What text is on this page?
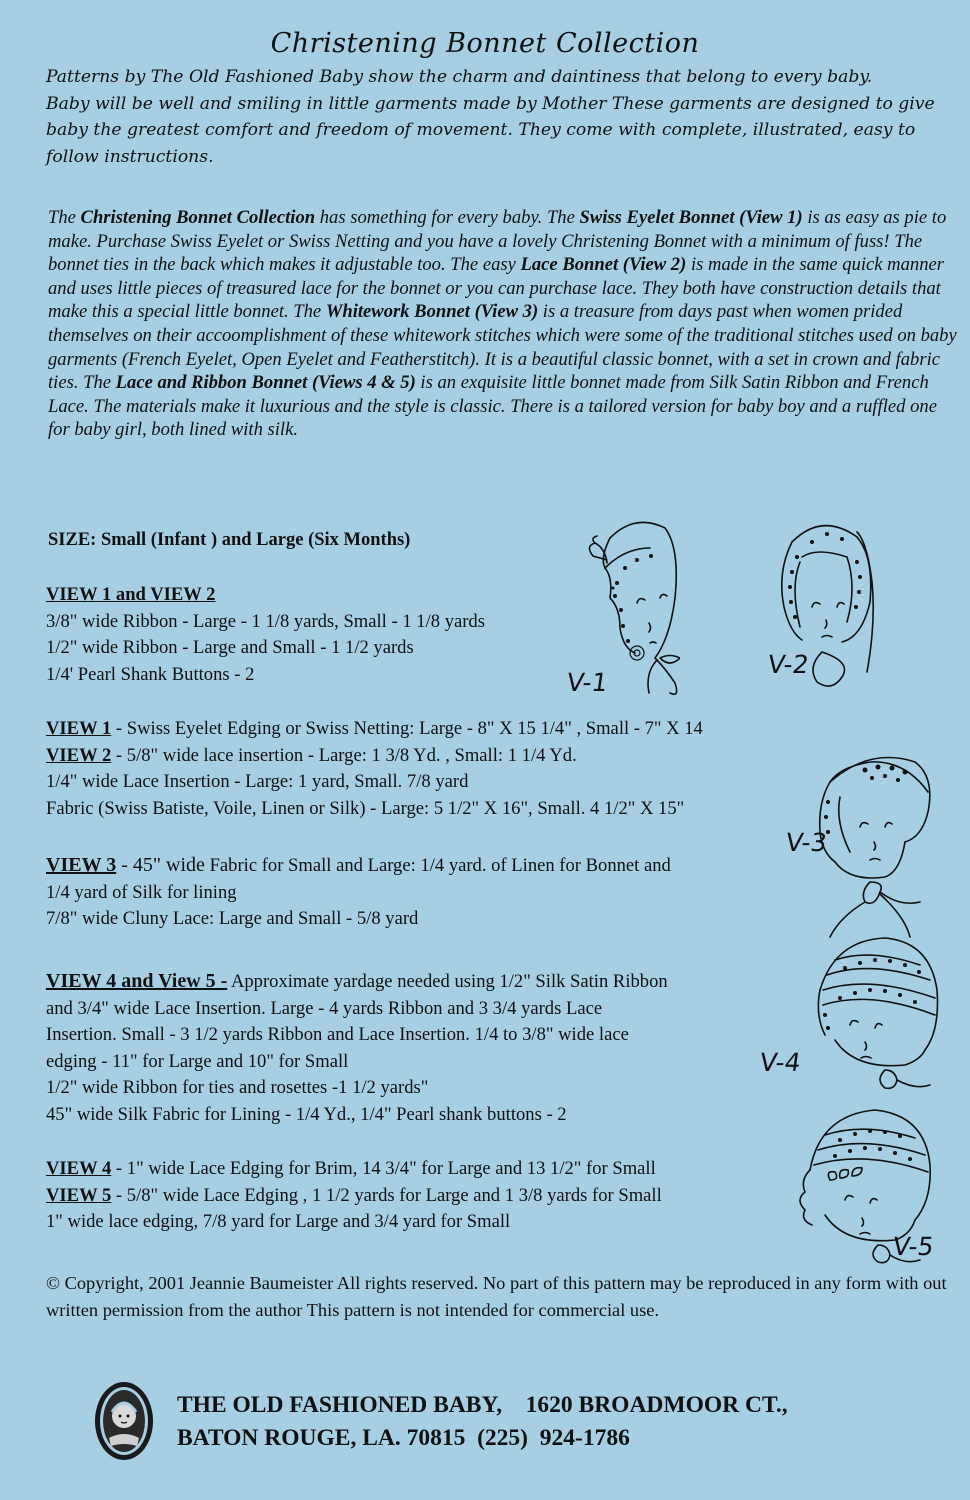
Christening Bonnet Collection
Patterns by The Old Fashioned Baby show the charm and daintiness that belong to every baby.
Baby will be well and smiling in little garments made by Mother These garments are designed to give
baby the greatest comfort and freedom of movement. They come with complete, illustrated, easy to
follow instructions.
The Christening Bonnet Collection has something for every baby. The Swiss Eyelet Bonnet (View 1) is as easy as pie to make. Purchase Swiss Eyelet or Swiss Netting and you have a lovely Christening Bonnet with a minimum of fuss! The bonnet ties in the back which makes it adjustable too. The easy Lace Bonnet (View 2) is made in the same quick manner and uses little pieces of treasured lace for the bonnet or you can purchase lace. They both have construction details that make this a special little bonnet. The Whitework Bonnet (View 3) is a treasure from days past when women prided themselves on their accoomplishment of these whitework stitches which were some of the traditional stitches used on baby garments (French Eyelet, Open Eyelet and Featherstitch). It is a beautiful classic bonnet, with a set in crown and fabric ties. The Lace and Ribbon Bonnet (Views 4 & 5) is an exquisite little bonnet made from Silk Satin Ribbon and French Lace. The materials make it luxurious and the style is classic. There is a tailored version for baby boy and a ruffled one for baby girl, both lined with silk.
SIZE: Small (Infant ) and Large (Six Months)
VIEW 1 and VIEW 2
3/8" wide Ribbon - Large - 1 1/8 yards, Small - 1 1/8 yards
1/2" wide Ribbon - Large and Small - 1 1/2 yards
1/4' Pearl Shank Buttons - 2
VIEW 1 - Swiss Eyelet Edging or Swiss Netting: Large - 8" X 15 1/4" , Small - 7" X 14
VIEW 2 - 5/8" wide lace insertion - Large: 1 3/8 Yd. , Small: 1 1/4 Yd.
1/4" wide Lace Insertion - Large: 1 yard, Small. 7/8 yard
Fabric (Swiss Batiste, Voile, Linen or Silk) - Large: 5 1/2" X 16", Small. 4 1/2" X 15"
VIEW 3 - 45" wide Fabric for Small and Large: 1/4 yard. of Linen for Bonnet and
1/4 yard of Silk for lining
7/8" wide Cluny Lace: Large and Small - 5/8 yard
VIEW 4 and View 5 - Approximate yardage needed using 1/2" Silk Satin Ribbon
and 3/4" wide Lace Insertion. Large - 4 yards Ribbon and 3 3/4 yards Lace
Insertion. Small - 3 1/2 yards Ribbon and Lace Insertion. 1/4 to 3/8" wide lace
edging - 11" for Large and 10" for Small
1/2" wide Ribbon for ties and rosettes -1 1/2 yards"
45" wide Silk Fabric for Lining - 1/4 Yd., 1/4" Pearl shank buttons - 2
VIEW 4 - 1" wide Lace Edging for Brim, 14 3/4" for Large and 13 1/2" for Small
VIEW 5 - 5/8" wide Lace Edging , 1 1/2 yards for Large and 1 3/8 yards for Small
1" wide lace edging, 7/8 yard for Large and 3/4 yard for Small
© Copyright, 2001 Jeannie Baumeister All rights reserved. No part of this pattern may be reproduced in any form with out written permission from the author This pattern is not intended for commercial use.
THE OLD FASHIONED BABY,    1620 BROADMOOR CT.,
BATON ROUGE, LA. 70815  (225)  924-1786
V-1
V-2
V-3
V-4
V-5
